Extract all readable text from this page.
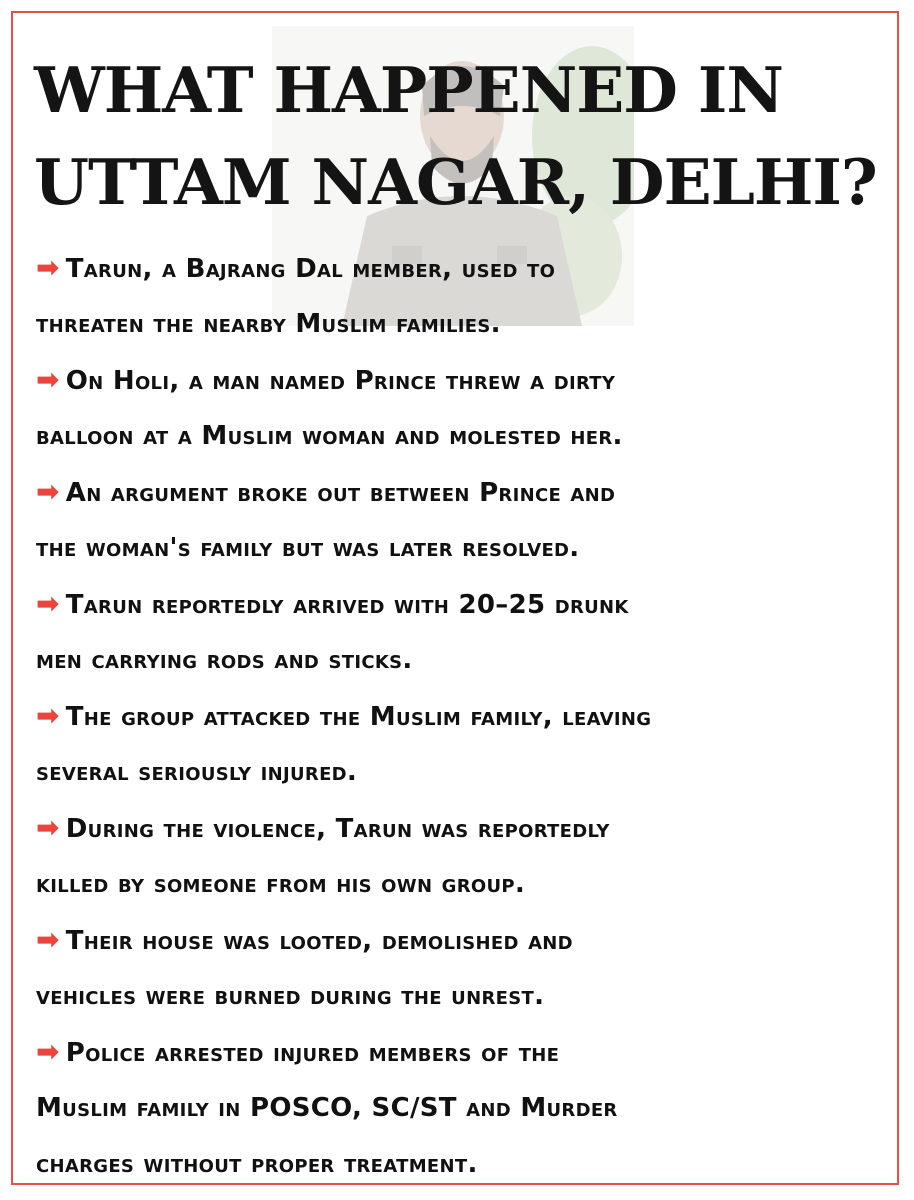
WHAT HAPPENED IN
UTTAM NAGAR, DELHI?
➡ Tarun, a Bajrang Dal member, used to
threaten the nearby Muslim families.
➡ On Holi, a man named Prince threw a dirty
balloon at a Muslim woman and molested her.
➡ An argument broke out between Prince and
the woman's family but was later resolved.
➡ Tarun reportedly arrived with 20–25 drunk
men carrying rods and sticks.
➡ The group attacked the Muslim family, leaving
several seriously injured.
➡ During the violence, Tarun was reportedly
killed by someone from his own group.
➡ Their house was looted, demolished and
vehicles were burned during the unrest.
➡ Police arrested injured members of the
Muslim family in POSCO, SC/ST and Murder
charges without proper treatment.
